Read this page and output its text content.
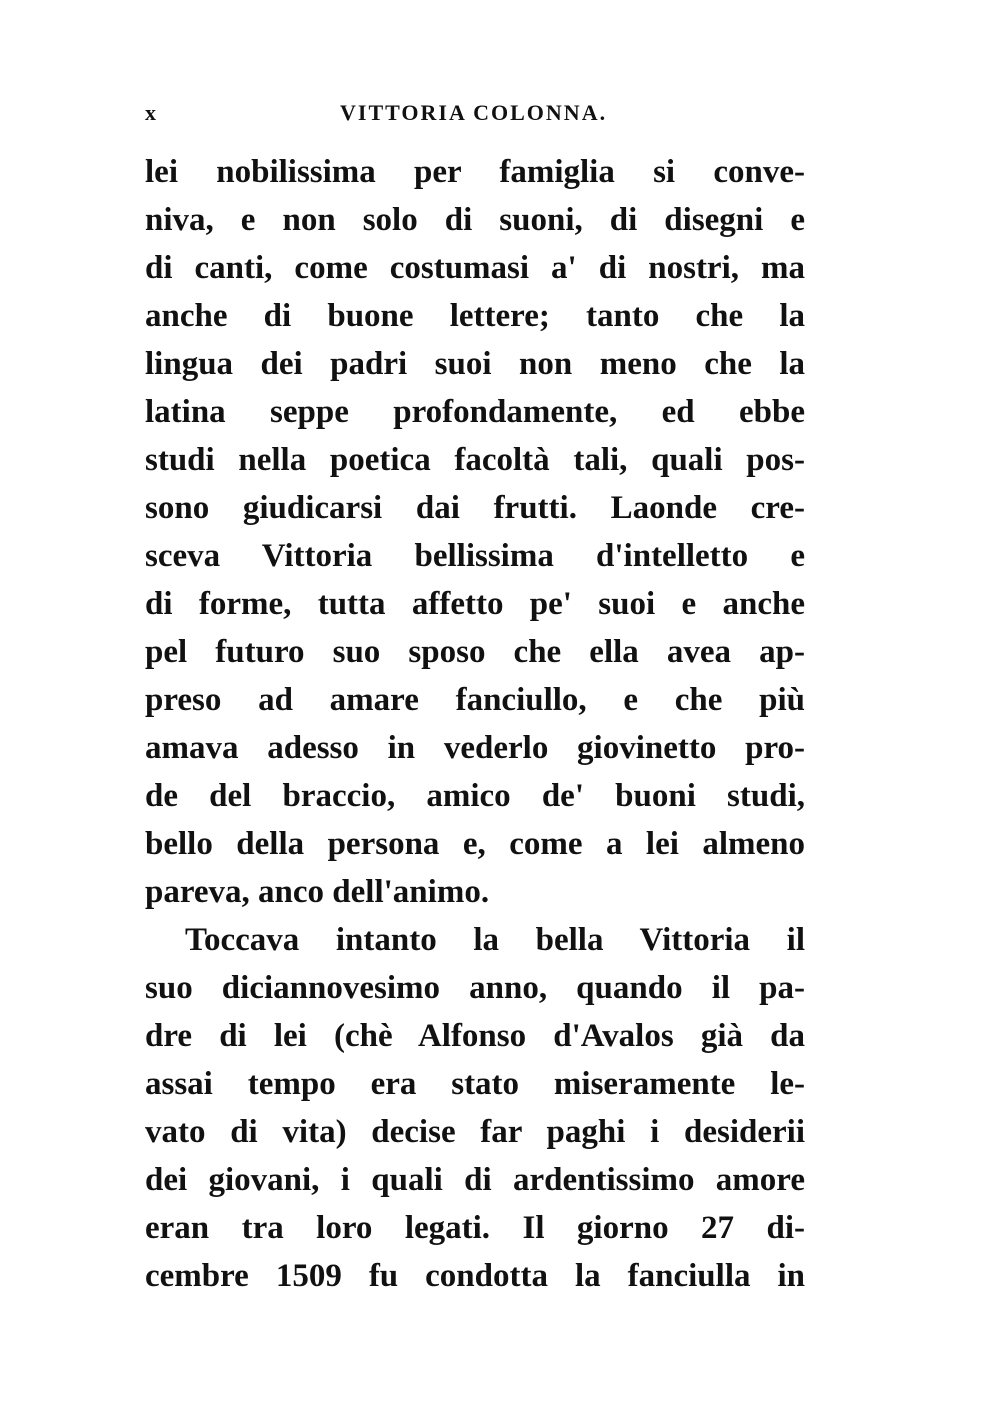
x	VITTORIA COLONNA.
lei nobilissima per famiglia si conve-
niva, e non solo di suoni, di disegni e
di canti, come costumasi a' di nostri, ma
anche di buone lettere; tanto che la
lingua dei padri suoi non meno che la
latina seppe profondamente, ed ebbe
studi nella poetica facoltà tali, quali pos-
sono giudicarsi dai frutti. Laonde cre-
sceva Vittoria bellissima d'intelletto e
di forme, tutta affetto pe' suoi e anche
pel futuro suo sposo che ella avea ap-
preso ad amare fanciullo, e che più
amava adesso in vederlo giovinetto pro-
de del braccio, amico de' buoni studi,
bello della persona e, come a lei almeno
pareva, anco dell'animo.
Toccava intanto la bella Vittoria il
suo diciannovesimo anno, quando il pa-
dre di lei (chè Alfonso d'Avalos già da
assai tempo era stato miseramente le-
vato di vita) decise far paghi i desiderii
dei giovani, i quali di ardentissimo amore
eran tra loro legati. Il giorno 27 di-
cembre 1509 fu condotta la fanciulla in
